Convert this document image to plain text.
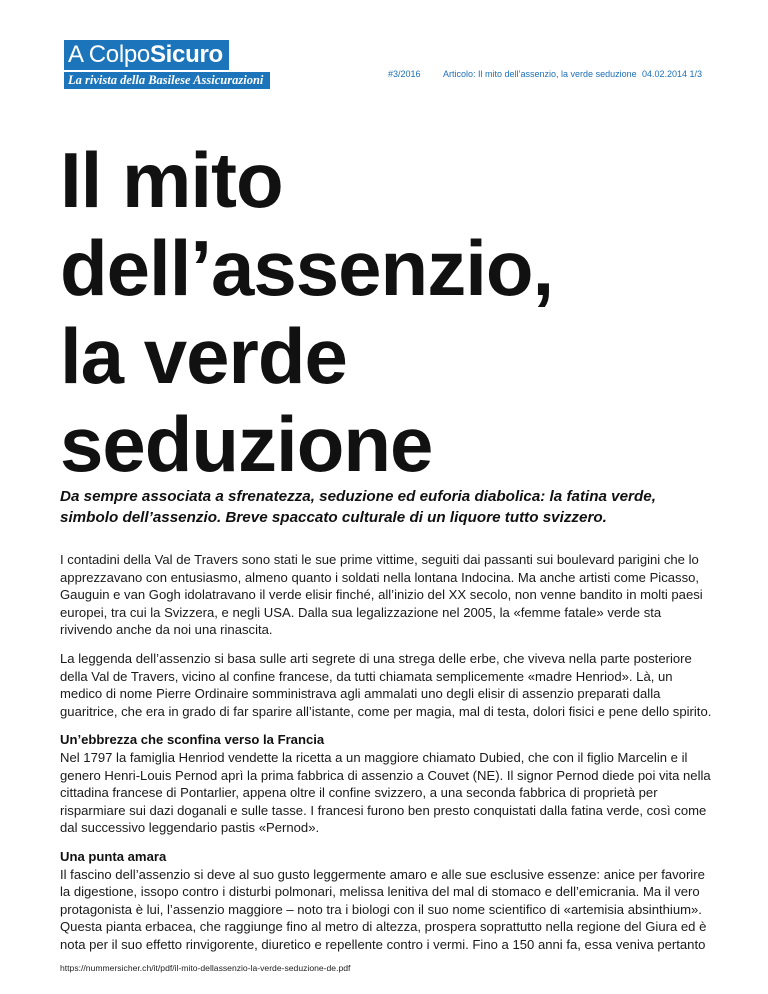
A ColpoSicuro
La rivista della Basilese Assicurazioni	#3/2016 Articolo: Il mito dell’assenzio, la verde seduzione 04.02.2014 1/3
Il mito
dell’assenzio,
la verde
seduzione

Da sempre associata a sfrenatezza, seduzione ed euforia diabolica: la fatina verde, simbolo dell’assenzio. Breve spaccato culturale di un liquore tutto svizzero.

I contadini della Val de Travers sono stati le sue prime vittime, seguiti dai passanti sui boulevard parigini che lo apprezzavano con entusiasmo, almeno quanto i soldati nella lontana Indocina. Ma anche artisti come Picasso, Gauguin e van Gogh idolatravano il verde elisir finché, all’inizio del XX secolo, non venne bandito in molti paesi europei, tra cui la Svizzera, e negli USA. Dalla sua legalizzazione nel 2005, la «femme fatale» verde sta rivivendo anche da noi una rinascita.

La leggenda dell’assenzio si basa sulle arti segrete di una strega delle erbe, che viveva nella parte posteriore della Val de Travers, vicino al confine francese, da tutti chiamata semplicemente «madre Henriod». Là, un medico di nome Pierre Ordinaire somministrava agli ammalati uno degli elisir di assenzio preparati dalla guaritrice, che era in grado di far sparire all’istante, come per magia, mal di testa, dolori fisici e pene dello spirito.

Un’ebbrezza che sconfina verso la Francia

Nel 1797 la famiglia Henriod vendette la ricetta a un maggiore chiamato Dubied, che con il figlio Marcelin e il genero Henri-Louis Pernod aprì la prima fabbrica di assenzio a Couvet (NE). Il signor Pernod diede poi vita nella cittadina francese di Pontarlier, appena oltre il confine svizzero, a una seconda fabbrica di proprietà per risparmiare sui dazi doganali e sulle tasse. I francesi furono ben presto conquistati dalla fatina verde, così come dal successivo leggendario pastis «Pernod».

Una punta amara

Il fascino dell’assenzio si deve al suo gusto leggermente amaro e alle sue esclusive essenze: anice per favorire la digestione, issopo contro i disturbi polmonari, melissa lenitiva del mal di stomaco e dell’emicrania. Ma il vero protagonista è lui, l’assenzio maggiore – noto tra i biologi con il suo nome scientifico di «artemisia absinthium». Questa pianta erbacea, che raggiunge fino al metro di altezza, prospera soprattutto nella regione del Giura ed è nota per il suo effetto rinvigorente, diuretico e repellente contro i vermi. Fino a 150 anni fa, essa veniva pertanto

https://nummersicher.ch/it/pdf/il-mito-dellassenzio-la-verde-seduzione-de.pdf
